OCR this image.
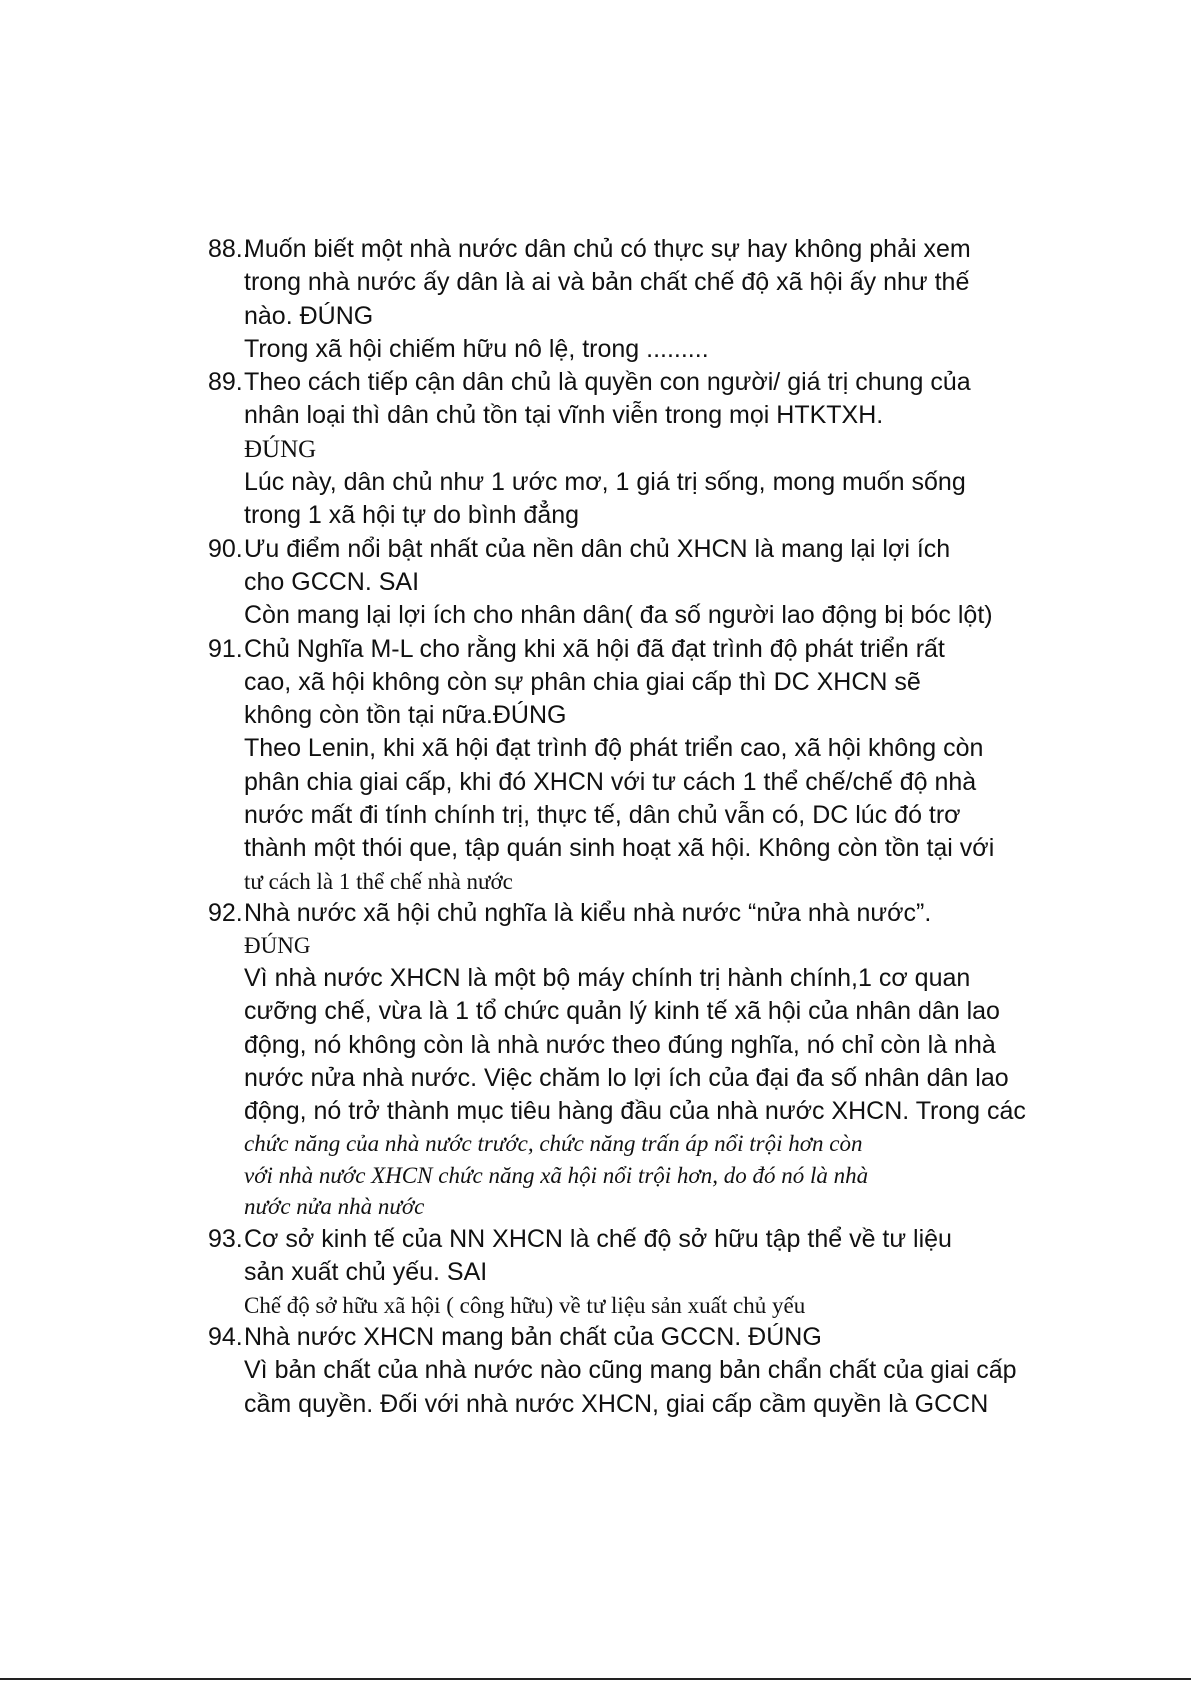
88..
Muốn biết một nhà nước dân chủ có thực sự hay không phải xem
trong nhà nước ấy dân là ai và bản chất chế độ xã hội ấy như thế
nào. ĐÚNG
Trong xã hội chiếm hữu nô lệ, trong .........
89. Theo cách tiếp cận dân chủ là quyền con người/ giá trị chung của
nhân loại thì dân chủ tồn tại vĩnh viễn trong mọi HTKTXH.
ĐÚNG
Lúc này, dân chủ như 1 ước mơ, 1 giá trị sống, mong muốn sống
trong 1 xã hội tự do bình đẳng
90. Ưu điểm nổi bật nhất của nền dân chủ XHCN là mang lại lợi ích
cho GCCN. SAI
Còn mang lại lợi ích cho nhân dân( đa số người lao động bị bóc lột)
91. Chủ Nghĩa M-L cho rằng khi xã hội đã đạt trình độ phát triển rất
cao, xã hội không còn sự phân chia giai cấp thì DC XHCN sẽ
không còn tồn tại nữa.ĐÚNG
Theo Lenin, khi xã hội đạt trình độ phát triển cao, xã hội không còn
phân chia giai cấp, khi đó XHCN với tư cách 1 thể chế/chế độ nhà
nước mất đi tính chính trị, thực tế, dân chủ vẫn có, DC lúc đó trơ
thành một thói que, tập quán sinh hoạt xã hội. Không còn tồn tại với
tư cách là 1 thể chế nhà nước
92. Nhà nước xã hội chủ nghĩa là kiểu nhà nước “nửa nhà nước”.
ĐÚNG
Vì nhà nước XHCN là một bộ máy chính trị hành chính,1 cơ quan
cưỡng chế, vừa là 1 tổ chức quản lý kinh tế xã hội của nhân dân lao
động, nó không còn là nhà nước theo đúng nghĩa, nó chỉ còn là nhà
nước nửa nhà nước. Việc chăm lo lợi ích của đại đa số nhân dân lao
động, nó trở thành mục tiêu hàng đầu của nhà nước XHCN. Trong các
chức năng của nhà nước trước, chức năng trấn áp nổi trội hơn còn
với nhà nước XHCN chức năng xã hội nổi trội hơn, do đó nó là nhà
nước nửa nhà nước
93. Cơ sở kinh tế của NN XHCN là chế độ sở hữu tập thể về tư liệu
sản xuất chủ yếu. SAI
Chế độ sở hữu xã hội ( công hữu) về tư liệu sản xuất chủ yếu
94. Nhà nước XHCN mang bản chất của GCCN. ĐÚNG
Vì bản chất của nhà nước nào cũng mang bản chẩn chất của giai cấp
cầm quyền. Đối với nhà nước XHCN, giai cấp cầm quyền là GCCN
